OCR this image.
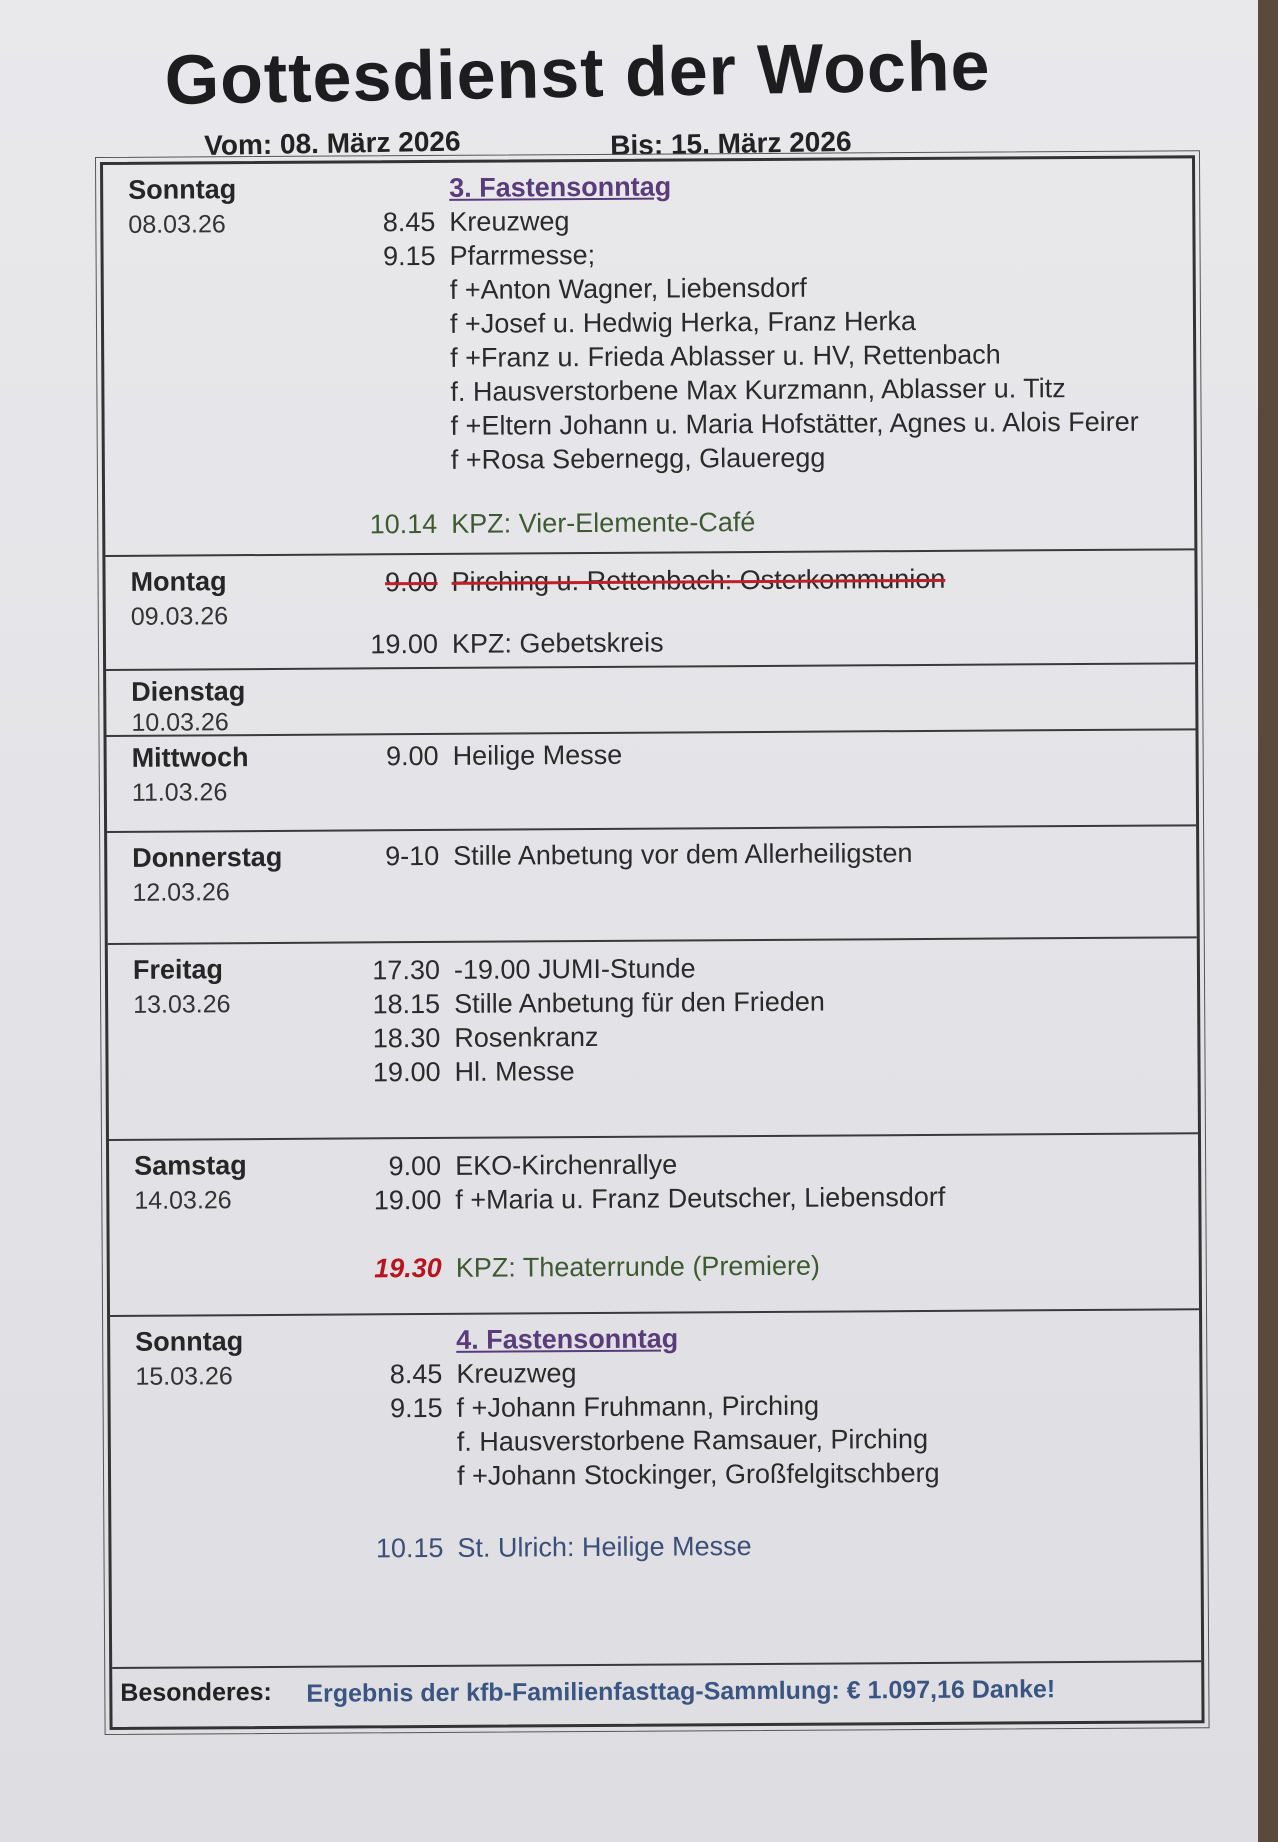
Gottesdienst der Woche
Vom: 08. März 2026	Bis: 15. März 2026
Sonntag
08.03.26
3. Fastensonntag
8.45 Kreuzweg
9.15 Pfarrmesse;
f +Anton Wagner, Liebensdorf
f +Josef u. Hedwig Herka, Franz Herka
f +Franz u. Frieda Ablasser u. HV, Rettenbach
f. Hausverstorbene Max Kurzmann, Ablasser u. Titz
f +Eltern Johann u. Maria Hofstätter, Agnes u. Alois Feirer
f +Rosa Sebernegg, Glaueregg
10.14 KPZ: Vier-Elemente-Café
Montag
09.03.26
9.00 Pirching u. Rettenbach: Osterkommunion
19.00 KPZ: Gebetskreis
Dienstag
10.03.26
Mittwoch
11.03.26
9.00 Heilige Messe
Donnerstag
12.03.26
9-10 Stille Anbetung vor dem Allerheiligsten
Freitag
13.03.26
17.30 -19.00 JUMI-Stunde
18.15 Stille Anbetung für den Frieden
18.30 Rosenkranz
19.00 Hl. Messe
Samstag
14.03.26
9.00 EKO-Kirchenrallye
19.00 f +Maria u. Franz Deutscher, Liebensdorf
19.30 KPZ: Theaterrunde (Premiere)
Sonntag
15.03.26
4. Fastensonntag
8.45 Kreuzweg
9.15 f +Johann Fruhmann, Pirching
f. Hausverstorbene Ramsauer, Pirching
f +Johann Stockinger, Großfelgitschberg
10.15 St. Ulrich: Heilige Messe
Besonderes: Ergebnis der kfb-Familienfasttag-Sammlung: € 1.097,16 Danke!
